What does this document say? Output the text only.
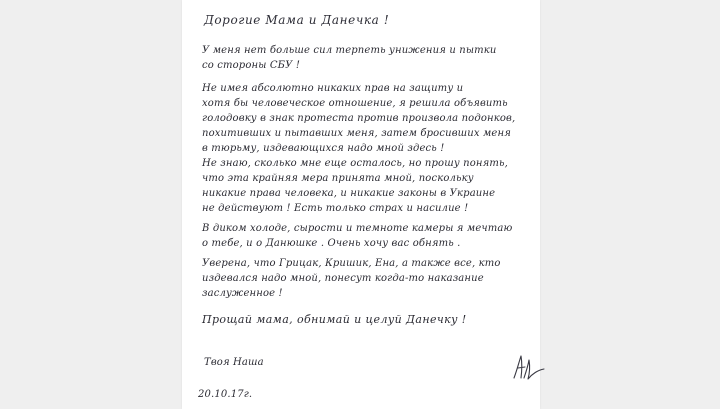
Дорогие Мама и Данечка !
У меня нет больше сил терпеть унижения и пытки
со стороны СБУ !
Не имея абсолютно никаких прав на защиту и
хотя бы человеческое отношение, я решила объявить
голодовку в знак протеста против произвола подонков,
похитивших и пытавших меня, затем бросивших меня
в тюрьму, издевающихся надо мной здесь !
Не знаю, сколько мне еще осталось, но прошу понять,
что эта крайняя мера принята мной, поскольку
никакие права человека, и никакие законы в Украине
не действуют ! Есть только страх и насилие !
В диком холоде, сырости и темноте камеры я мечтаю
о тебе, и о Данюшке . Очень хочу вас обнять .
Уверена, что Грицак, Кришик, Ена, а также все, кто
издевался надо мной, понесут когда-то наказание
заслуженное !
Прощай мама, обнимай и целуй Данечку !
Твоя Наша
20.10.17г.
